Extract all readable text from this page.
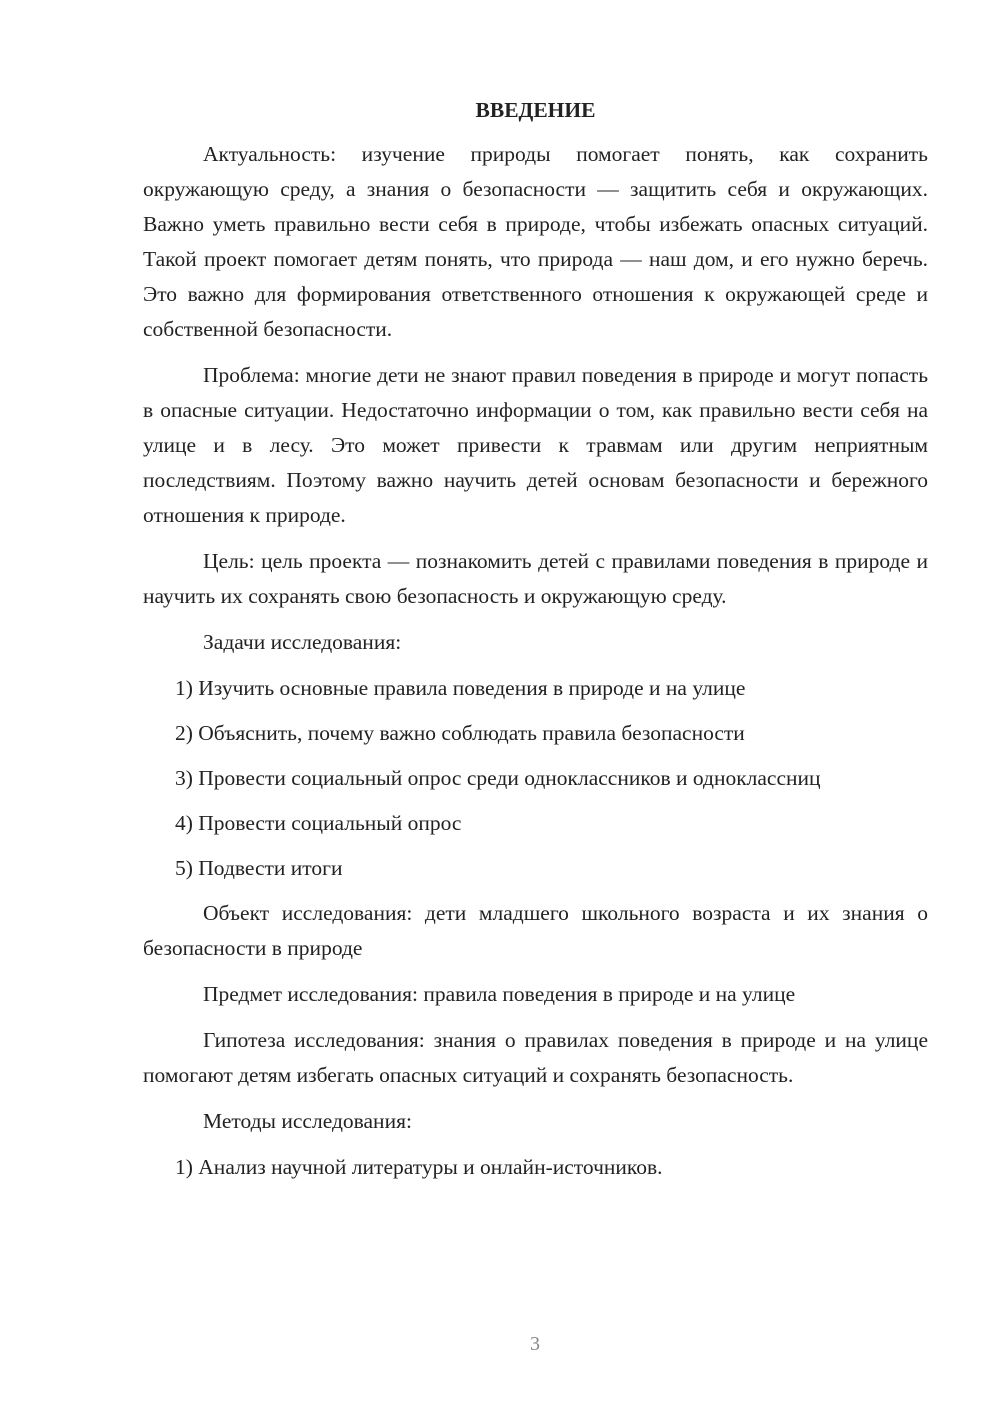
ВВЕДЕНИЕ

Актуальность: изучение природы помогает понять, как сохранить окружающую среду, а знания о безопасности — защитить себя и окружающих. Важно уметь правильно вести себя в природе, чтобы избежать опасных ситуаций. Такой проект помогает детям понять, что природа — наш дом, и его нужно беречь. Это важно для формирования ответственного отношения к окружающей среде и собственной безопасности.

Проблема: многие дети не знают правил поведения в природе и могут попасть в опасные ситуации. Недостаточно информации о том, как правильно вести себя на улице и в лесу. Это может привести к травмам или другим неприятным последствиям. Поэтому важно научить детей основам безопасности и бережного отношения к природе.

Цель: цель проекта — познакомить детей с правилами поведения в природе и научить их сохранять свою безопасность и окружающую среду.

Задачи исследования:

1) Изучить основные правила поведения в природе и на улице
2) Объяснить, почему важно соблюдать правила безопасности
3) Провести социальный опрос среди одноклассников и одноклассниц
4) Провести социальный опрос
5) Подвести итоги

Объект исследования: дети младшего школьного возраста и их знания о безопасности в природе

Предмет исследования: правила поведения в природе и на улице

Гипотеза исследования: знания о правилах поведения в природе и на улице помогают детям избегать опасных ситуаций и сохранять безопасность.

Методы исследования:

1) Анализ научной литературы и онлайн-источников.
3
